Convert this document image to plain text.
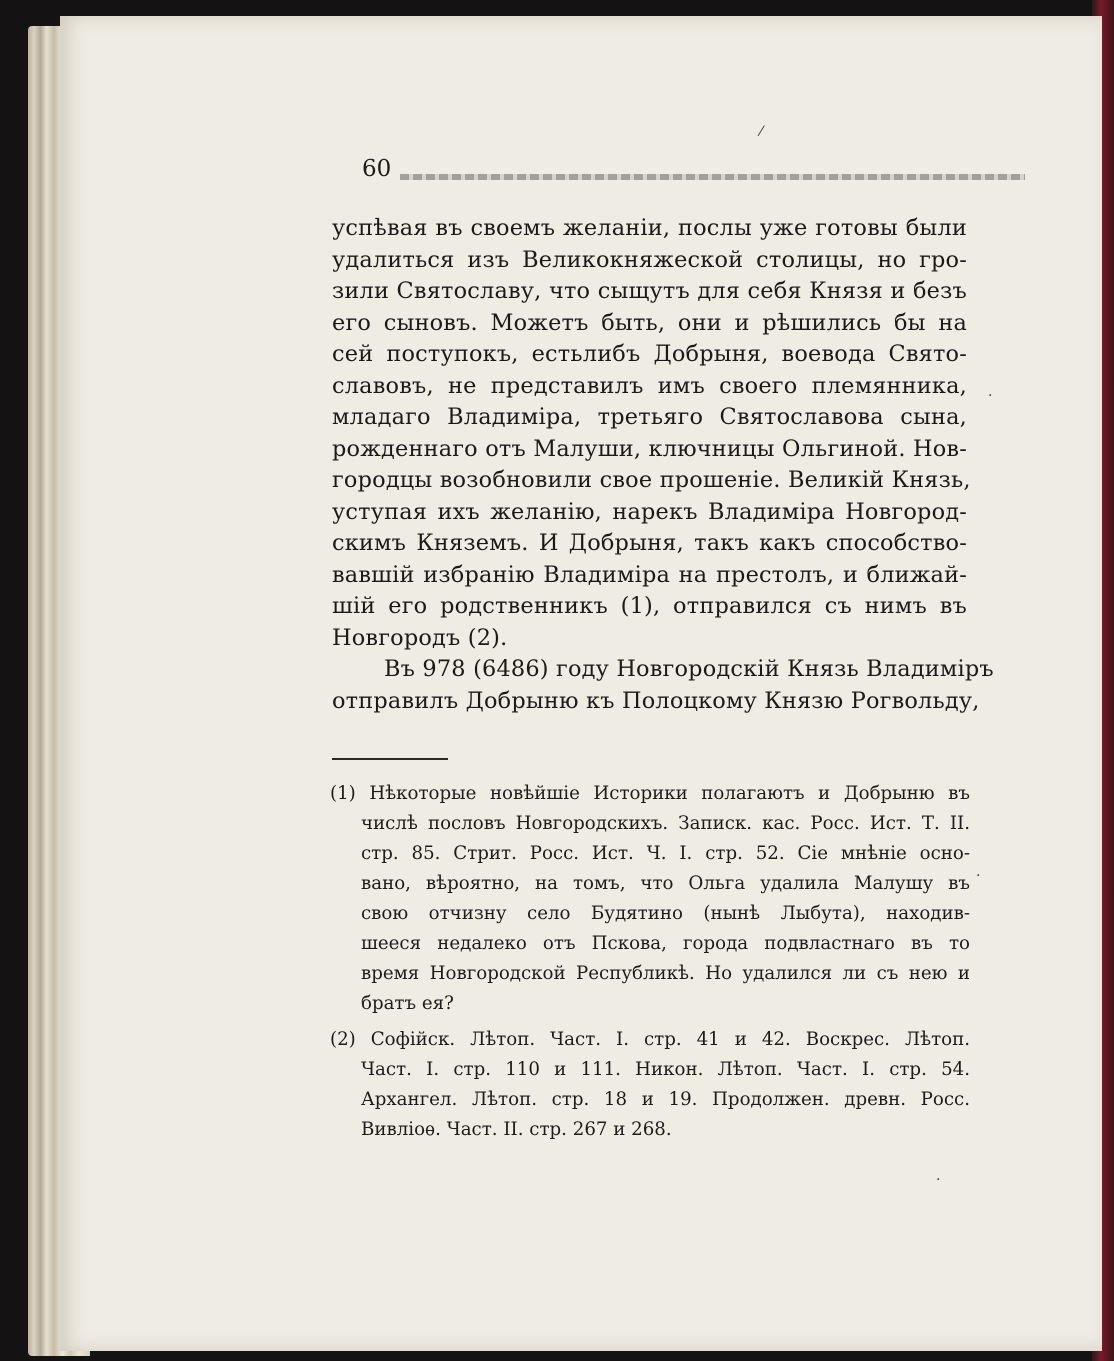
60
успѣвая въ своемъ желаніи, послы уже готовы были
удалиться изъ Великокняжеской столицы, но гро-
зили Святославу, что сыщутъ для себя Князя и безъ
его сыновъ. Можетъ быть, они и рѣшились бы на
сей поступокъ, естьлибъ Добрыня, воевода Свято-
славовъ, не представилъ имъ своего племянника,
младаго Владиміра, третьяго Святославова сына,
рожденнаго отъ Малуши, ключницы Ольгиной. Нов-
городцы возобновили свое прошеніе. Великій Князь,
уступая ихъ желанію, нарекъ Владиміра Новгород-
скимъ Княземъ. И Добрыня, такъ какъ способство-
вавшій избранію Владиміра на престолъ, и ближай-
шій его родственникъ (1), отправился съ нимъ въ
Новгородъ (2).
Въ 978 (6486) году Новгородскій Князь Владиміръ
отправилъ Добрыню къ Полоцкому Князю Рогвольду,
(1) Нѣкоторые новѣйшіе Историки полагаютъ и Добрыню въ
числѣ пословъ Новгородскихъ. Записк. кас. Росс. Ист. Т. II.
стр. 85. Стрит. Росс. Ист. Ч. I. стр. 52. Сіе мнѣніе осно-
вано, вѣроятно, на томъ, что Ольга удалила Малушу въ
свою отчизну село Будятино (нынѣ Лыбута), находив-
шееся недалеко отъ Пскова, города подвластнаго въ то
время Новгородской Республикѣ. Но удалился ли съ нею и
братъ ея?
(2) Софійск. Лѣтоп. Част. I. стр. 41 и 42. Воскрес. Лѣтоп.
Част. I. стр. 110 и 111. Никон. Лѣтоп. Част. I. стр. 54.
Архангел. Лѣтоп. стр. 18 и 19. Продолжен. древн. Росс.
Вивліоѳ. Част. II. стр. 267 и 268.
⁄
·
·
·
